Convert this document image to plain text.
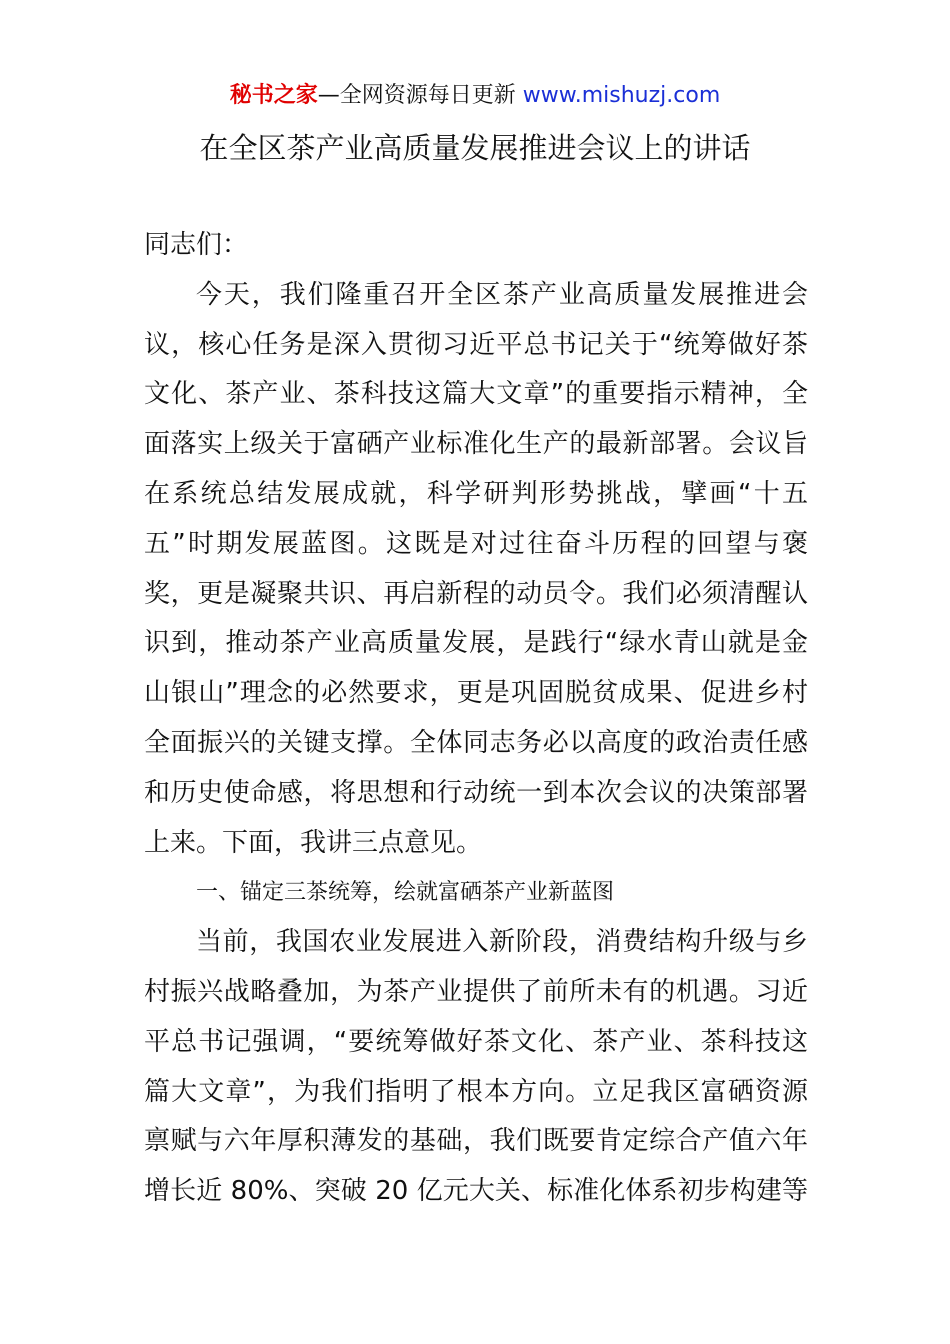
秘书之家—全网资源每日更新 www.mishuzj.com
在全区茶产业高质量发展推进会议上的讲话
同志们：
今天，我们隆重召开全区茶产业高质量发展推进会
议，核心任务是深入贯彻习近平总书记关于“统筹做好茶
文化、茶产业、茶科技这篇大文章”的重要指示精神，全
面落实上级关于富硒产业标准化生产的最新部署。会议旨
在系统总结发展成就，科学研判形势挑战，擘画“十五
五”时期发展蓝图。这既是对过往奋斗历程的回望与褒
奖，更是凝聚共识、再启新程的动员令。我们必须清醒认
识到，推动茶产业高质量发展，是践行“绿水青山就是金
山银山”理念的必然要求，更是巩固脱贫成果、促进乡村
全面振兴的关键支撑。全体同志务必以高度的政治责任感
和历史使命感，将思想和行动统一到本次会议的决策部署
上来。下面，我讲三点意见。
一、锚定三茶统筹，绘就富硒茶产业新蓝图
当前，我国农业发展进入新阶段，消费结构升级与乡
村振兴战略叠加，为茶产业提供了前所未有的机遇。习近
平总书记强调，“要统筹做好茶文化、茶产业、茶科技这
篇大文章”，为我们指明了根本方向。立足我区富硒资源
禀赋与六年厚积薄发的基础，我们既要肯定综合产值六年
增长近 80%、突破 20 亿元大关、标准化体系初步构建等
